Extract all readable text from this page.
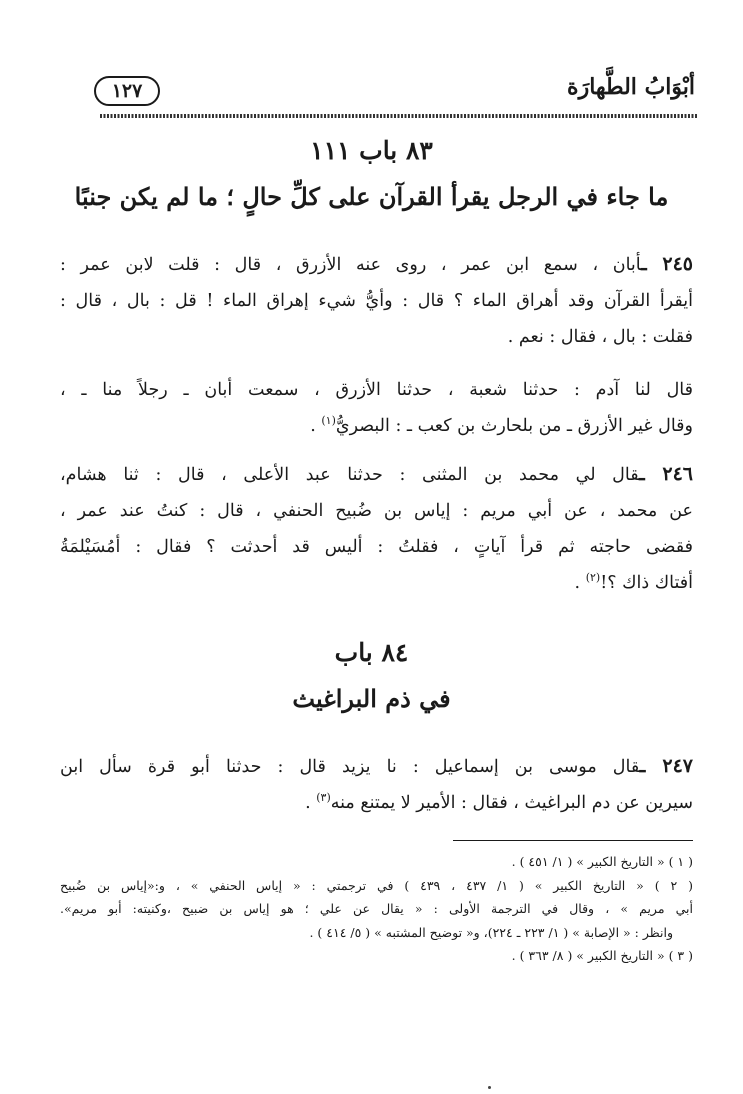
أبْوَابُ الطَّهارَة
١٢٧
٨٣ باب ١١١
ما جاء في الرجل يقرأ القرآن على كلِّ حالٍ ؛ ما لم يكن جنبًا
٢٤٥ ـأبان ، سمع ابن عمر ، روى عنه الأزرق ، قال : قلت لابن عمر :
أيقرأ القرآن وقد أهراق الماء ؟ قال : وأيُّ شيء إهراق الماء ! قل : بال ، قال :
فقلت : بال ، فقال : نعم .
قال لنا آدم : حدثنا شعبة ، حدثنا الأزرق ، سمعت أبان ـ رجلاً منا ـ ،
وقال غير الأزرق ـ من بلحارث بن كعب ـ : البصريُّ$^{(١)}$ .
٢٤٦ ـقال لي محمد بن المثنى : حدثنا عبد الأعلى ، قال : ثنا هشام،
عن محمد ، عن أبي مريم : إياس بن ضُبيح الحنفي ، قال : كنتُ عند عمر ،
فقضى حاجته ثم قرأ آياتٍ ، فقلتُ : أليس قد أحدثت ؟ فقال : أمُسَيْلمَةُ
أفتاك ذاك ؟!$^{(٢)}$ .
٨٤ باب
في ذم البراغيث
٢٤٧ ـقال موسى بن إسماعيل : نا يزيد قال : حدثنا أبو قرة سأل ابن
سيرين عن دم البراغيث ، فقال : الأمير لا يمتنع منه$^{(٣)}$ .
( ١ ) « التاريخ الكبير » ( ١/ ٤٥١ ) .
( ٢ ) « التاريخ الكبير » ( ١/ ٤٣٧ ، ٤٣٩ ) في ترجمتي : « إياس الحنفي » ، و:«إياس بن ضُبيح
أبي مريم » ، وقال في الترجمة الأولى : « يقال عن علي ؛ هو إياس بن ضبيح ،وكنيته: أبو مريم».
وانظر : « الإصابة » ( ١/ ٢٢٣ ـ ٢٢٤)، و« توضيح المشتبه » ( ٥/ ٤١٤ ) .
( ٣ ) « التاريخ الكبير » ( ٨/ ٣٦٣ ) .
